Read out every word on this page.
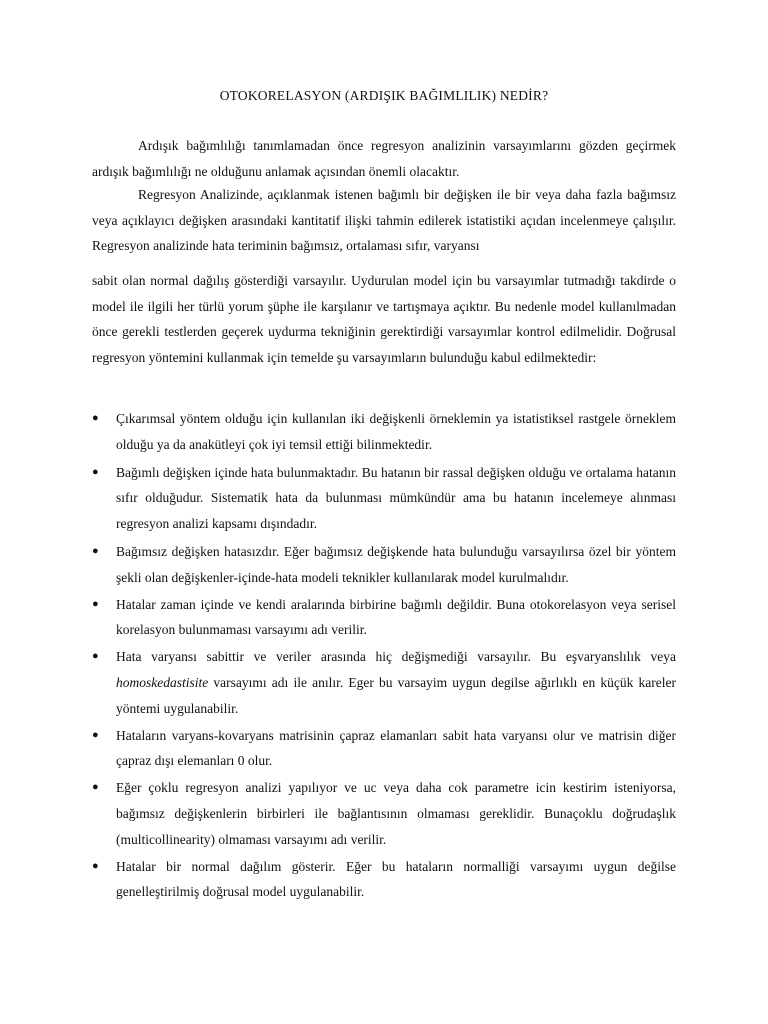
OTOKORELASYON (ARDIŞIK BAĞIMLILIK) NEDİR?

Ardışık bağımlılığı tanımlamadan önce regresyon analizinin varsayımlarını gözden geçirmek ardışık bağımlılığı ne olduğunu anlamak açısından önemli olacaktır.

Regresyon Analizinde, açıklanmak istenen bağımlı bir değişken ile bir veya daha fazla bağımsız veya açıklayıcı değişken arasındaki kantitatif ilişki tahmin edilerek istatistiki açıdan incelenmeye çalışılır. Regresyon analizinde hata teriminin bağımsız, ortalaması sıfır, varyansı

sabit olan normal dağılış gösterdiği varsayılır. Uydurulan model için bu varsayımlar tutmadığı takdirde o model ile ilgili her türlü yorum şüphe ile karşılanır ve tartışmaya açıktır. Bu nedenle model kullanılmadan önce gerekli testlerden geçerek uydurma tekniğinin gerektirdiği varsayımlar kontrol edilmelidir. Doğrusal regresyon yöntemini kullanmak için temelde şu varsayımların bulunduğu kabul edilmektedir:

● Çıkarımsal yöntem olduğu için kullanılan iki değişkenli örneklemin ya istatistiksel rastgele örneklem olduğu ya da anakütleyi çok iyi temsil ettiği bilinmektedir.
● Bağımlı değişken içinde hata bulunmaktadır. Bu hatanın bir rassal değişken olduğu ve ortalama hatanın sıfır olduğudur. Sistematik hata da bulunması mümkündür ama bu hatanın incelemeye alınması regresyon analizi kapsamı dışındadır.
● Bağımsız değişken hatasızdır. Eğer bağımsız değişkende hata bulunduğu varsayılırsa özel bir yöntem şekli olan değişkenler-içinde-hata modeli teknikler kullanılarak model kurulmalıdır.
● Hatalar zaman içinde ve kendi aralarında birbirine bağımlı değildir. Buna otokorelasyon veya serisel korelasyon bulunmaması varsayımı adı verilir.
● Hata varyansı sabittir ve veriler arasında hiç değişmediği varsayılır. Bu eşvaryanslılık veya homoskedastisite varsayımı adı ile anılır. Eger bu varsayim uygun degilse ağırlıklı en küçük kareler yöntemi uygulanabilir.
● Hataların varyans-kovaryans matrisinin çapraz elamanları sabit hata varyansı olur ve matrisin diğer çapraz dışı elemanları 0 olur.
● Eğer çoklu regresyon analizi yapılıyor ve uc veya daha cok parametre icin kestirim isteniyorsa, bağımsız değişkenlerin birbirleri ile bağlantısının olmaması gereklidir. Bunaçoklu doğrudaşlık (multicollinearity) olmaması varsayımı adı verilir.
● Hatalar bir normal dağılım gösterir. Eğer bu hataların normalliği varsayımı uygun değilse genelleştirilmiş doğrusal model uygulanabilir.
